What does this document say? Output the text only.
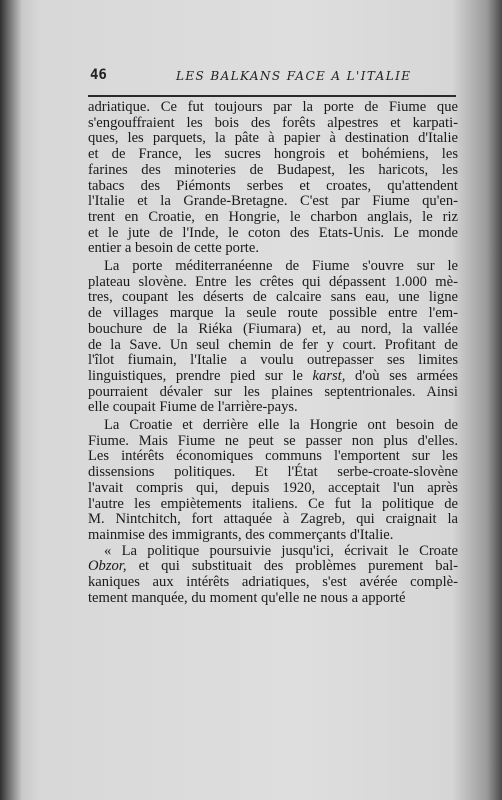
46	LES BALKANS FACE A L'ITALIE

adriatique. Ce fut toujours par la porte de Fiume que
s'engouffraient les bois des forêts alpestres et karpati-
ques, les parquets, la pâte à papier à destination d'Italie
et de France, les sucres hongrois et bohémiens, les
farines des minoteries de Budapest, les haricots, les
tabacs des Piémonts serbes et croates, qu'attendent
l'Italie et la Grande-Bretagne. C'est par Fiume qu'en-
trent en Croatie, en Hongrie, le charbon anglais, le riz
et le jute de l'Inde, le coton des Etats-Unis. Le monde
entier a besoin de cette porte.

La porte méditerranéenne de Fiume s'ouvre sur le
plateau slovène. Entre les crêtes qui dépassent 1.000 mè-
tres, coupant les déserts de calcaire sans eau, une ligne
de villages marque la seule route possible entre l'em-
bouchure de la Riéka (Fiumara) et, au nord, la vallée
de la Save. Un seul chemin de fer y court. Profitant de
l'îlot fiumain, l'Italie a voulu outrepasser ses limites
linguistiques, prendre pied sur le karst, d'où ses armées
pourraient dévaler sur les plaines septentrionales. Ainsi
elle coupait Fiume de l'arrière-pays.

La Croatie et derrière elle la Hongrie ont besoin de
Fiume. Mais Fiume ne peut se passer non plus d'elles.
Les intérêts économiques communs l'emportent sur les
dissensions politiques. Et l'État serbe-croate-slovène
l'avait compris qui, depuis 1920, acceptait l'un après
l'autre les empiètements italiens. Ce fut la politique de
M. Nintchitch, fort attaquée à Zagreb, qui craignait la
mainmise des immigrants, des commerçants d'Italie.

« La politique poursuivie jusqu'ici, écrivait le Croate
Obzor, et qui substituait des problèmes purement bal-
kaniques aux intérêts adriatiques, s'est avérée complè-
tement manquée, du moment qu'elle ne nous a apporté
